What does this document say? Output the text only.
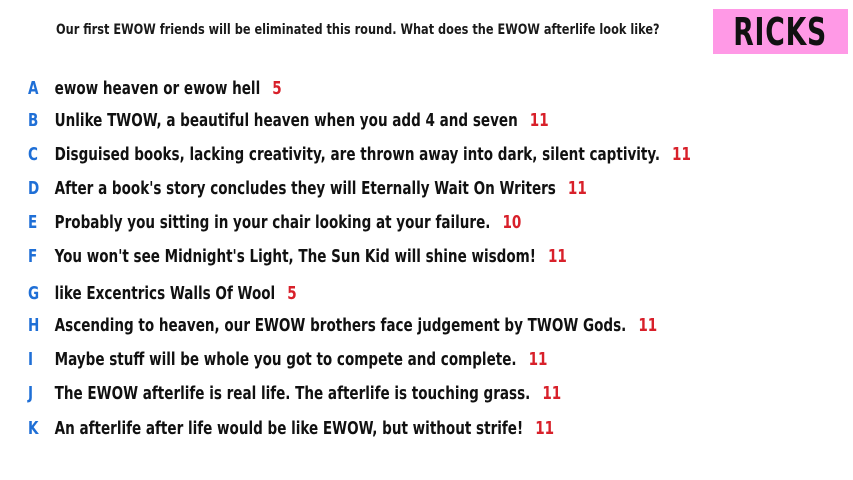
Our first EWOW friends will be eliminated this round. What does the EWOW afterlife look like? RICKS
A ewow heaven or ewow hell 5
B Unlike TWOW, a beautiful heaven when you add 4 and seven 11
C Disguised books, lacking creativity, are thrown away into dark, silent captivity. 11
D After a book's story concludes they will Eternally Wait On Writers 11
E Probably you sitting in your chair looking at your failure. 10
F You won't see Midnight's Light, The Sun Kid will shine wisdom! 11
G like Excentrics Walls Of Wool 5
H Ascending to heaven, our EWOW brothers face judgement by TWOW Gods. 11
I	Maybe stuff will be whole you got to compete and complete. 11
J	The EWOW afterlife is real life. The afterlife is touching grass. 11
K An afterlife after life would be like EWOW, but without strife! 11
